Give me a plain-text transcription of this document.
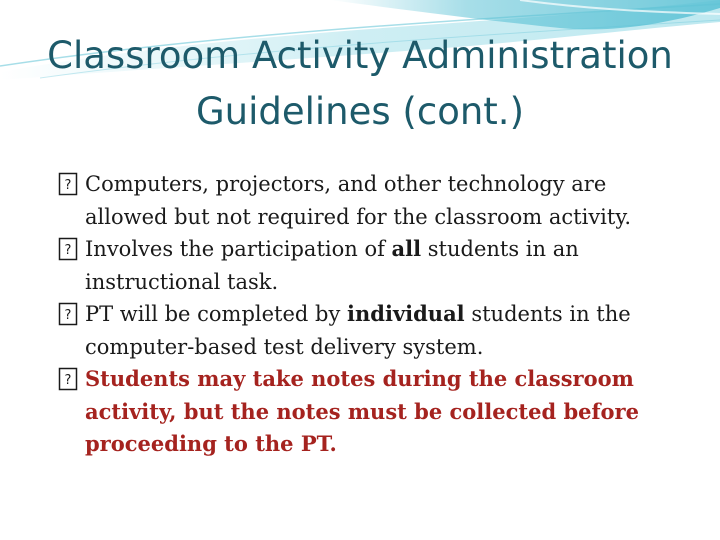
Classroom Activity Administration
Guidelines (cont.)
? Computers, projectors, and other technology are allowed but not required for the classroom activity.
? Involves the participation of all students in an instructional task.
? PT will be completed by individual students in the computer-based test delivery system.
? Students may take notes during the classroom activity, but the notes must be collected before proceeding to the PT.
